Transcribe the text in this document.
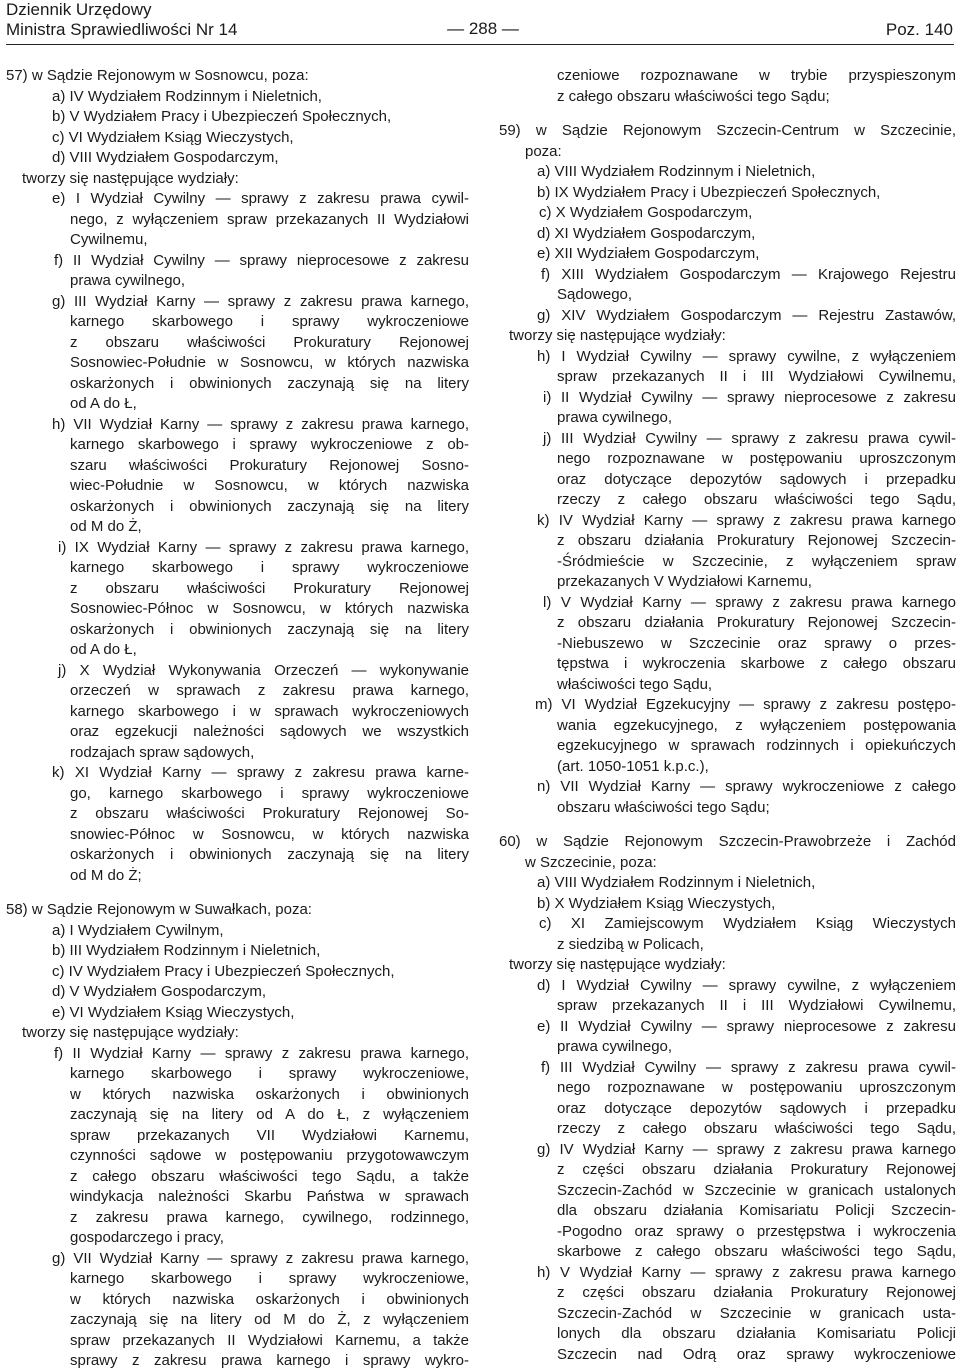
Dziennik Urzędowy
Ministra Sprawiedliwości Nr 14	— 288 —	Poz. 140
57) w Sądzie Rejonowym w Sosnowcu, poza:
a) IV Wydziałem Rodzinnym i Nieletnich,
b) V Wydziałem Pracy i Ubezpieczeń Społecznych,
c) VI Wydziałem Ksiąg Wieczystych,
d) VIII Wydziałem Gospodarczym,
tworzy się następujące wydziały:
e) I Wydział Cywilny — sprawy z zakresu prawa cywil-
nego, z wyłączeniem spraw przekazanych II Wydziałowi
Cywilnemu,
f) II Wydział Cywilny — sprawy nieprocesowe z zakresu
prawa cywilnego,
g) III Wydział Karny — sprawy z zakresu prawa karnego,
karnego skarbowego i sprawy wykroczeniowe
z obszaru właściwości Prokuratury Rejonowej
Sosnowiec-Południe w Sosnowcu, w których nazwiska
oskarżonych i obwinionych zaczynają się na litery
od A do Ł,
h) VII Wydział Karny — sprawy z zakresu prawa karnego,
karnego skarbowego i sprawy wykroczeniowe z ob-
szaru właściwości Prokuratury Rejonowej Sosno-
wiec-Południe w Sosnowcu, w których nazwiska
oskarżonych i obwinionych zaczynają się na litery
od M do Ż,
i) IX Wydział Karny — sprawy z zakresu prawa karnego,
karnego skarbowego i sprawy wykroczeniowe
z obszaru właściwości Prokuratury Rejonowej
Sosnowiec-Północ w Sosnowcu, w których nazwiska
oskarżonych i obwinionych zaczynają się na litery
od A do Ł,
j) X Wydział Wykonywania Orzeczeń — wykonywanie
orzeczeń w sprawach z zakresu prawa karnego,
karnego skarbowego i w sprawach wykroczeniowych
oraz egzekucji należności sądowych we wszystkich
rodzajach spraw sądowych,
k) XI Wydział Karny — sprawy z zakresu prawa karne-
go, karnego skarbowego i sprawy wykroczeniowe
z obszaru właściwości Prokuratury Rejonowej So-
snowiec-Północ w Sosnowcu, w których nazwiska
oskarżonych i obwinionych zaczynają się na litery
od M do Ż;
58) w Sądzie Rejonowym w Suwałkach, poza:
a) I Wydziałem Cywilnym,
b) III Wydziałem Rodzinnym i Nieletnich,
c) IV Wydziałem Pracy i Ubezpieczeń Społecznych,
d) V Wydziałem Gospodarczym,
e) VI Wydziałem Ksiąg Wieczystych,
tworzy się następujące wydziały:
f) II Wydział Karny — sprawy z zakresu prawa karnego,
karnego skarbowego i sprawy wykroczeniowe,
w których nazwiska oskarżonych i obwinionych
zaczynają się na litery od A do Ł, z wyłączeniem
spraw przekazanych VII Wydziałowi Karnemu,
czynności sądowe w postępowaniu przygotowawczym
z całego obszaru właściwości tego Sądu, a także
windykacja należności Skarbu Państwa w sprawach
z zakresu prawa karnego, cywilnego, rodzinnego,
gospodarczego i pracy,
g) VII Wydział Karny — sprawy z zakresu prawa karnego,
karnego skarbowego i sprawy wykroczeniowe,
w których nazwiska oskarżonych i obwinionych
zaczynają się na litery od M do Ż, z wyłączeniem
spraw przekazanych II Wydziałowi Karnemu, a także
sprawy z zakresu prawa karnego i sprawy wykro-
czeniowe rozpoznawane w trybie przyspieszonym
z całego obszaru właściwości tego Sądu;
59) w Sądzie Rejonowym Szczecin-Centrum w Szczecinie,
poza:
a) VIII Wydziałem Rodzinnym i Nieletnich,
b) IX Wydziałem Pracy i Ubezpieczeń Społecznych,
c) X Wydziałem Gospodarczym,
d) XI Wydziałem Gospodarczym,
e) XII Wydziałem Gospodarczym,
f) XIII Wydziałem Gospodarczym — Krajowego Rejestru
Sądowego,
g) XIV Wydziałem Gospodarczym — Rejestru Zastawów,
tworzy się następujące wydziały:
h) I Wydział Cywilny — sprawy cywilne, z wyłączeniem
spraw przekazanych II i III Wydziałowi Cywilnemu,
i) II Wydział Cywilny — sprawy nieprocesowe z zakresu
prawa cywilnego,
j) III Wydział Cywilny — sprawy z zakresu prawa cywil-
nego rozpoznawane w postępowaniu uproszczonym
oraz dotyczące depozytów sądowych i przepadku
rzeczy z całego obszaru właściwości tego Sądu,
k) IV Wydział Karny — sprawy z zakresu prawa karnego
z obszaru działania Prokuratury Rejonowej Szczecin-
-Śródmieście w Szczecinie, z wyłączeniem spraw
przekazanych V Wydziałowi Karnemu,
l) V Wydział Karny — sprawy z zakresu prawa karnego
z obszaru działania Prokuratury Rejonowej Szczecin-
-Niebuszewo w Szczecinie oraz sprawy o przes-
tępstwa i wykroczenia skarbowe z całego obszaru
właściwości tego Sądu,
m) VI Wydział Egzekucyjny — sprawy z zakresu postępo-
wania egzekucyjnego, z wyłączeniem postępowania
egzekucyjnego w sprawach rodzinnych i opiekuńczych
(art. 1050-1051 k.p.c.),
n) VII Wydział Karny — sprawy wykroczeniowe z całego
obszaru właściwości tego Sądu;
60) w Sądzie Rejonowym Szczecin-Prawobrzeże i Zachód
w Szczecinie, poza:
a) VIII Wydziałem Rodzinnym i Nieletnich,
b) X Wydziałem Ksiąg Wieczystych,
c) XI Zamiejscowym Wydziałem Ksiąg Wieczystych
z siedzibą w Policach,
tworzy się następujące wydziały:
d) I Wydział Cywilny — sprawy cywilne, z wyłączeniem
spraw przekazanych II i III Wydziałowi Cywilnemu,
e) II Wydział Cywilny — sprawy nieprocesowe z zakresu
prawa cywilnego,
f) III Wydział Cywilny — sprawy z zakresu prawa cywil-
nego rozpoznawane w postępowaniu uproszczonym
oraz dotyczące depozytów sądowych i przepadku
rzeczy z całego obszaru właściwości tego Sądu,
g) IV Wydział Karny — sprawy z zakresu prawa karnego
z części obszaru działania Prokuratury Rejonowej
Szczecin-Zachód w Szczecinie w granicach ustalonych
dla obszaru działania Komisariatu Policji Szczecin-
-Pogodno oraz sprawy o przestępstwa i wykroczenia
skarbowe z całego obszaru właściwości tego Sądu,
h) V Wydział Karny — sprawy z zakresu prawa karnego
z części obszaru działania Prokuratury Rejonowej
Szczecin-Zachód w Szczecinie w granicach usta-
lonych dla obszaru działania Komisariatu Policji
Szczecin nad Odrą oraz sprawy wykroczeniowe
